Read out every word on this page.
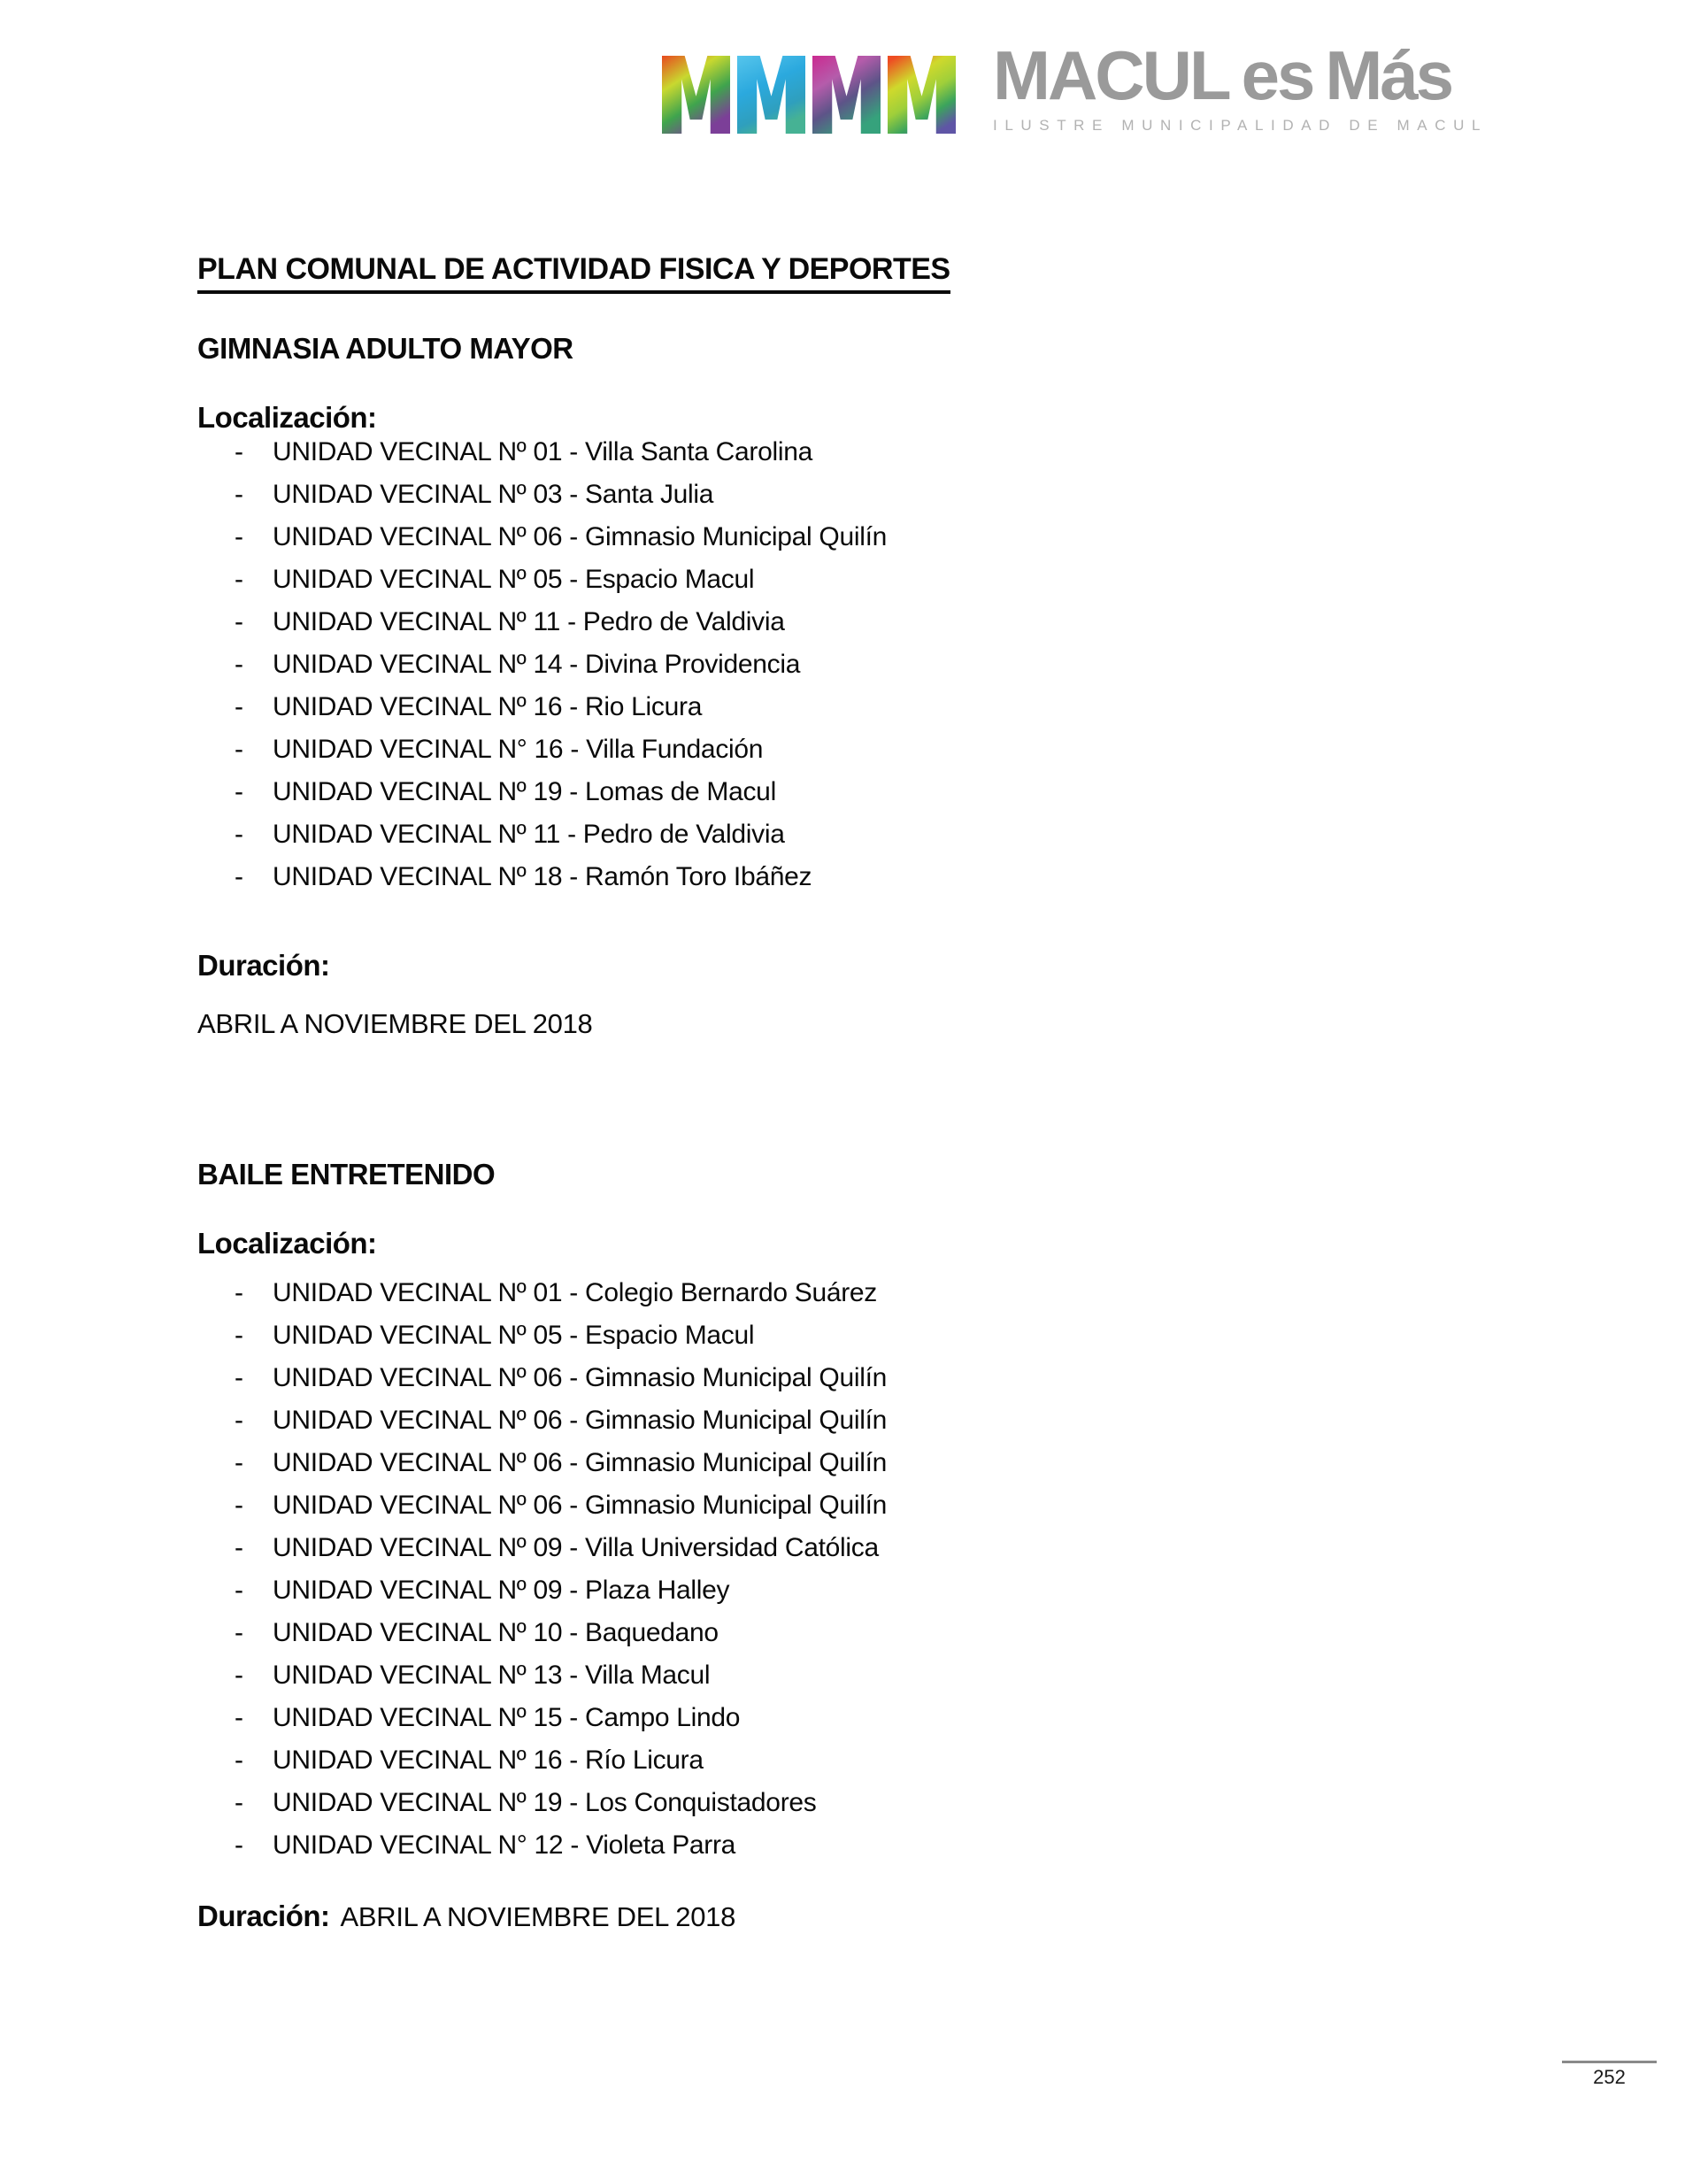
MACUL es Más
ILUSTRE MUNICIPALIDAD DE MACUL
PLAN COMUNAL DE ACTIVIDAD FISICA Y DEPORTES
GIMNASIA ADULTO MAYOR
Localización:
-	UNIDAD VECINAL Nº 01 - Villa Santa Carolina
-	UNIDAD VECINAL Nº 03 - Santa Julia
-	UNIDAD VECINAL Nº 06 - Gimnasio Municipal Quilín
-	UNIDAD VECINAL Nº 05 - Espacio Macul
-	UNIDAD VECINAL Nº 11 - Pedro de Valdivia
-	UNIDAD VECINAL Nº 14 - Divina Providencia
-	UNIDAD VECINAL Nº 16 - Rio Licura
-	UNIDAD VECINAL N° 16 - Villa Fundación
-	UNIDAD VECINAL Nº 19 - Lomas de Macul
-	UNIDAD VECINAL Nº 11 - Pedro de Valdivia
-	UNIDAD VECINAL Nº 18 - Ramón Toro Ibáñez
Duración:
ABRIL A NOVIEMBRE DEL 2018
BAILE ENTRETENIDO
Localización:
-	UNIDAD VECINAL Nº 01 - Colegio Bernardo Suárez
-	UNIDAD VECINAL Nº 05 - Espacio Macul
-	UNIDAD VECINAL Nº 06 - Gimnasio Municipal Quilín
-	UNIDAD VECINAL Nº 06 - Gimnasio Municipal Quilín
-	UNIDAD VECINAL Nº 06 - Gimnasio Municipal Quilín
-	UNIDAD VECINAL Nº 06 - Gimnasio Municipal Quilín
-	UNIDAD VECINAL Nº 09 - Villa Universidad Católica
-	UNIDAD VECINAL Nº 09 - Plaza Halley
-	UNIDAD VECINAL Nº 10 - Baquedano
-	UNIDAD VECINAL Nº 13 - Villa Macul
-	UNIDAD VECINAL Nº 15 - Campo Lindo
-	UNIDAD VECINAL Nº 16 - Río Licura
-	UNIDAD VECINAL Nº 19 - Los Conquistadores
-	UNIDAD VECINAL N° 12 - Violeta Parra
Duración: ABRIL A NOVIEMBRE DEL 2018
252
